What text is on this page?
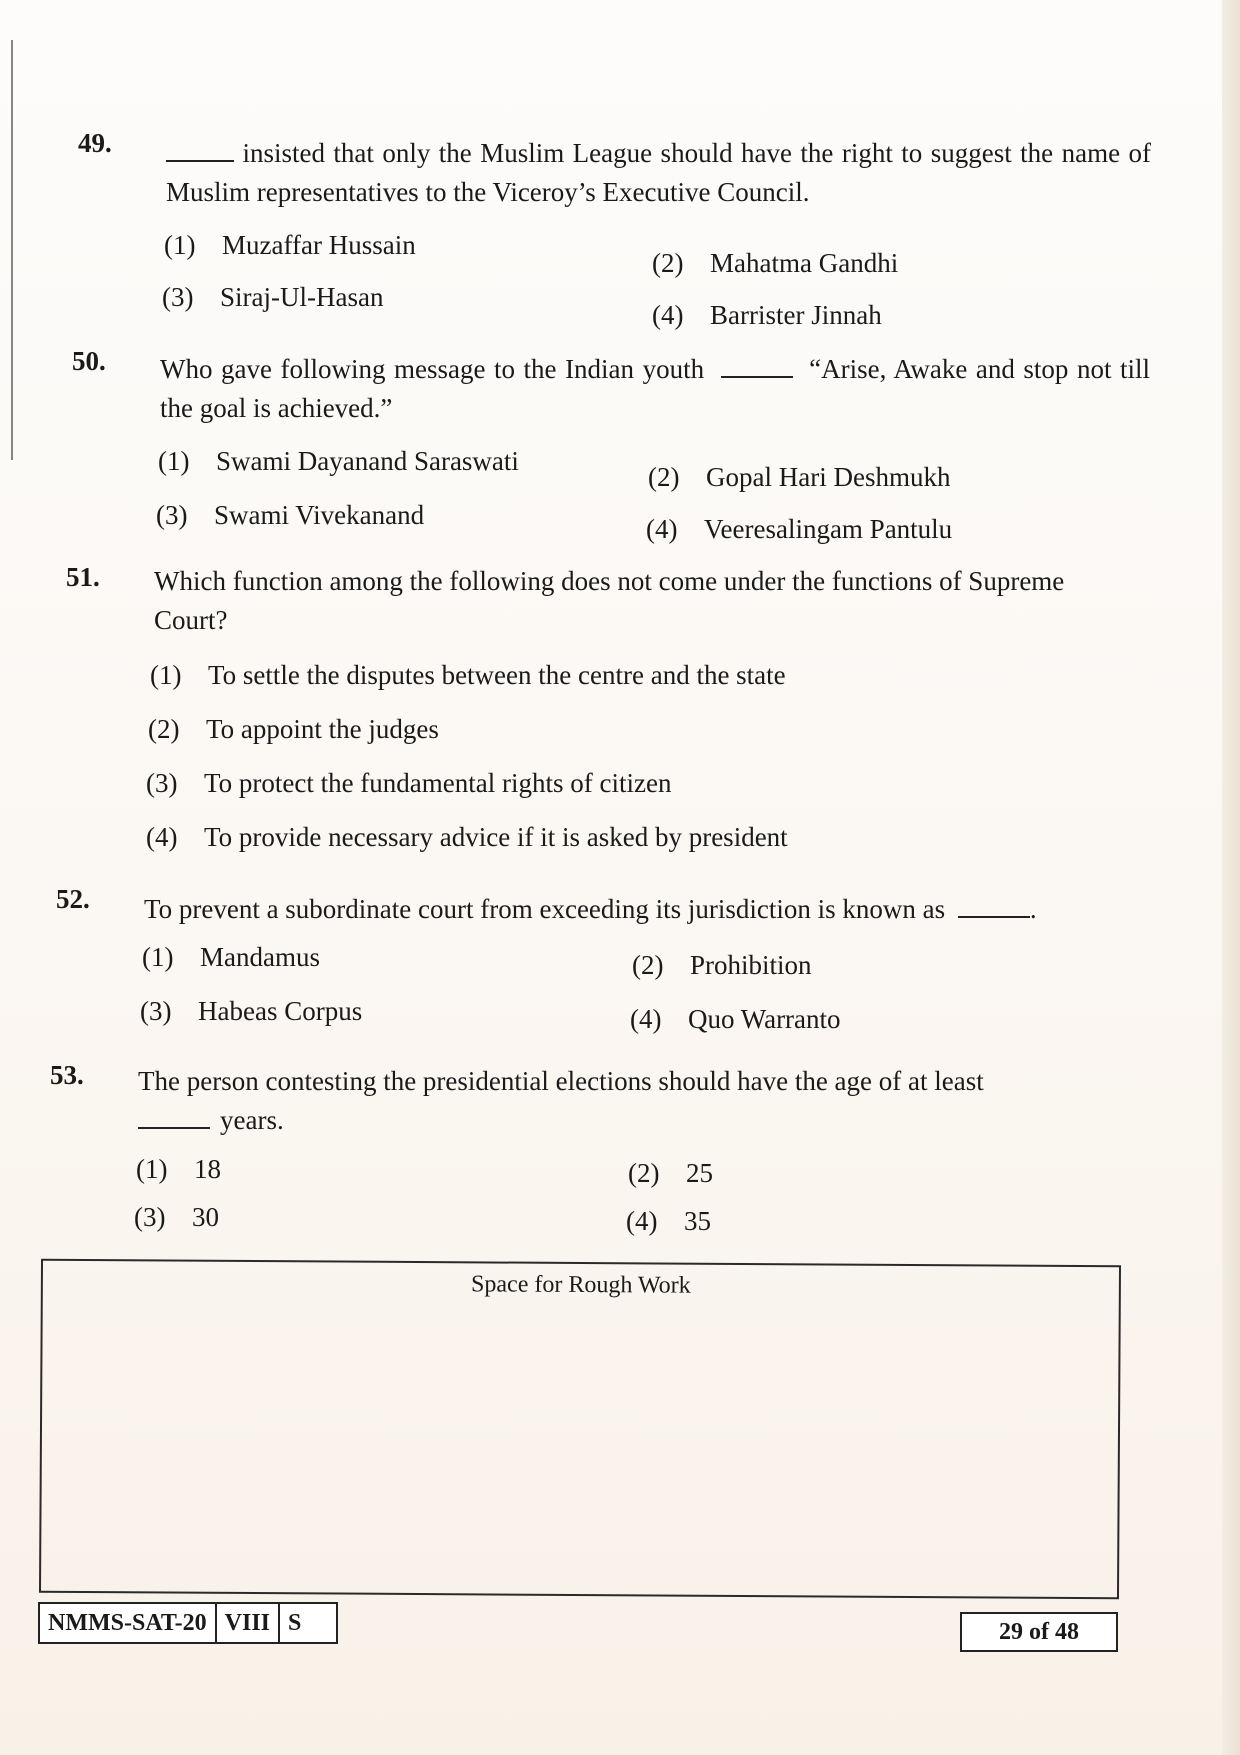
49.	insisted that only the Muslim League should have the right to suggest the name of Muslim representatives to the Viceroy’s Executive Council.
(1) Muzaffar Hussain
(2) Mahatma Gandhi
(3) Siraj-Ul-Hasan
(4) Barrister Jinnah
50. Who gave following message to the Indian youth	“Arise, Awake and stop not till the goal is achieved.”
(1) Swami Dayanand Saraswati
(2) Gopal Hari Deshmukh
(3) Swami Vivekanand	(4) Veeresalingam Pantulu
51. Which function among the following does not come under the functions of Supreme Court?
(1) To settle the disputes between the centre and the state
(2) To appoint the judges
(3) To protect the fundamental rights of citizen
(4) To provide necessary advice if it is asked by president
52. To prevent a subordinate court from exceeding its jurisdiction is known as	.
(1) Mandamus	(2) Prohibition
(3) Habeas Corpus	(4) Quo Warranto
53. The person contesting the presidential elections should have the age of at least
years.
(1) 18	(2) 25
(3) 30	(4) 35
Space for Rough Work
NMMS-SAT-20 VIII S	29 of 48
